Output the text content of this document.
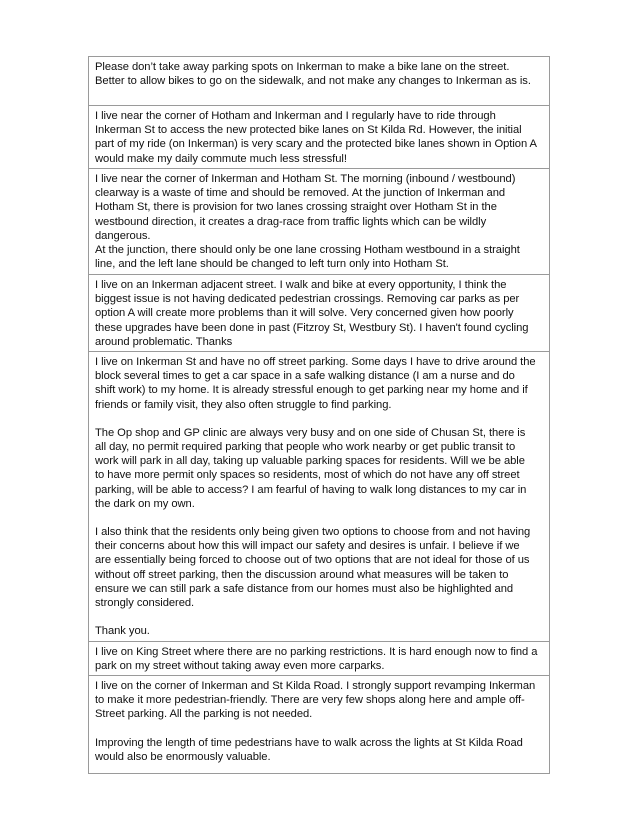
Please don’t take away parking spots on Inkerman to make a bike lane on the street.
Better to allow bikes to go on the sidewalk, and not make any changes to Inkerman as is.

I live near the corner of Hotham and Inkerman and I regularly have to ride through
Inkerman St to access the new protected bike lanes on St Kilda Rd. However, the initial
part of my ride (on Inkerman) is very scary and the protected bike lanes shown in Option A
would make my daily commute much less stressful!

I live near the corner of Inkerman and Hotham St. The morning (inbound / westbound)
clearway is a waste of time and should be removed. At the junction of Inkerman and
Hotham St, there is provision for two lanes crossing straight over Hotham St in the
westbound direction, it creates a drag-race from traffic lights which can be wildly
dangerous.
At the junction, there should only be one lane crossing Hotham westbound in a straight
line, and the left lane should be changed to left turn only into Hotham St.

I live on an Inkerman adjacent street. I walk and bike at every opportunity, I think the
biggest issue is not having dedicated pedestrian crossings. Removing car parks as per
option A will create more problems than it will solve. Very concerned given how poorly
these upgrades have been done in past (Fitzroy St, Westbury St). I haven't found cycling
around problematic. Thanks

I live on Inkerman St and have no off street parking. Some days I have to drive around the
block several times to get a car space in a safe walking distance (I am a nurse and do
shift work) to my home. It is already stressful enough to get parking near my home and if
friends or family visit, they also often struggle to find parking.

The Op shop and GP clinic are always very busy and on one side of Chusan St, there is
all day, no permit required parking that people who work nearby or get public transit to
work will park in all day, taking up valuable parking spaces for residents. Will we be able
to have more permit only spaces so residents, most of which do not have any off street
parking, will be able to access? I am fearful of having to walk long distances to my car in
the dark on my own.

I also think that the residents only being given two options to choose from and not having
their concerns about how this will impact our safety and desires is unfair. I believe if we
are essentially being forced to choose out of two options that are not ideal for those of us
without off street parking, then the discussion around what measures will be taken to
ensure we can still park a safe distance from our homes must also be highlighted and
strongly considered.

Thank you.

I live on King Street where there are no parking restrictions. It is hard enough now to find a
park on my street without taking away even more carparks.

I live on the corner of Inkerman and St Kilda Road. I strongly support revamping Inkerman
to make it more pedestrian-friendly. There are very few shops along here and ample off-
Street parking. All the parking is not needed.

Improving the length of time pedestrians have to walk across the lights at St Kilda Road
would also be enormously valuable.
